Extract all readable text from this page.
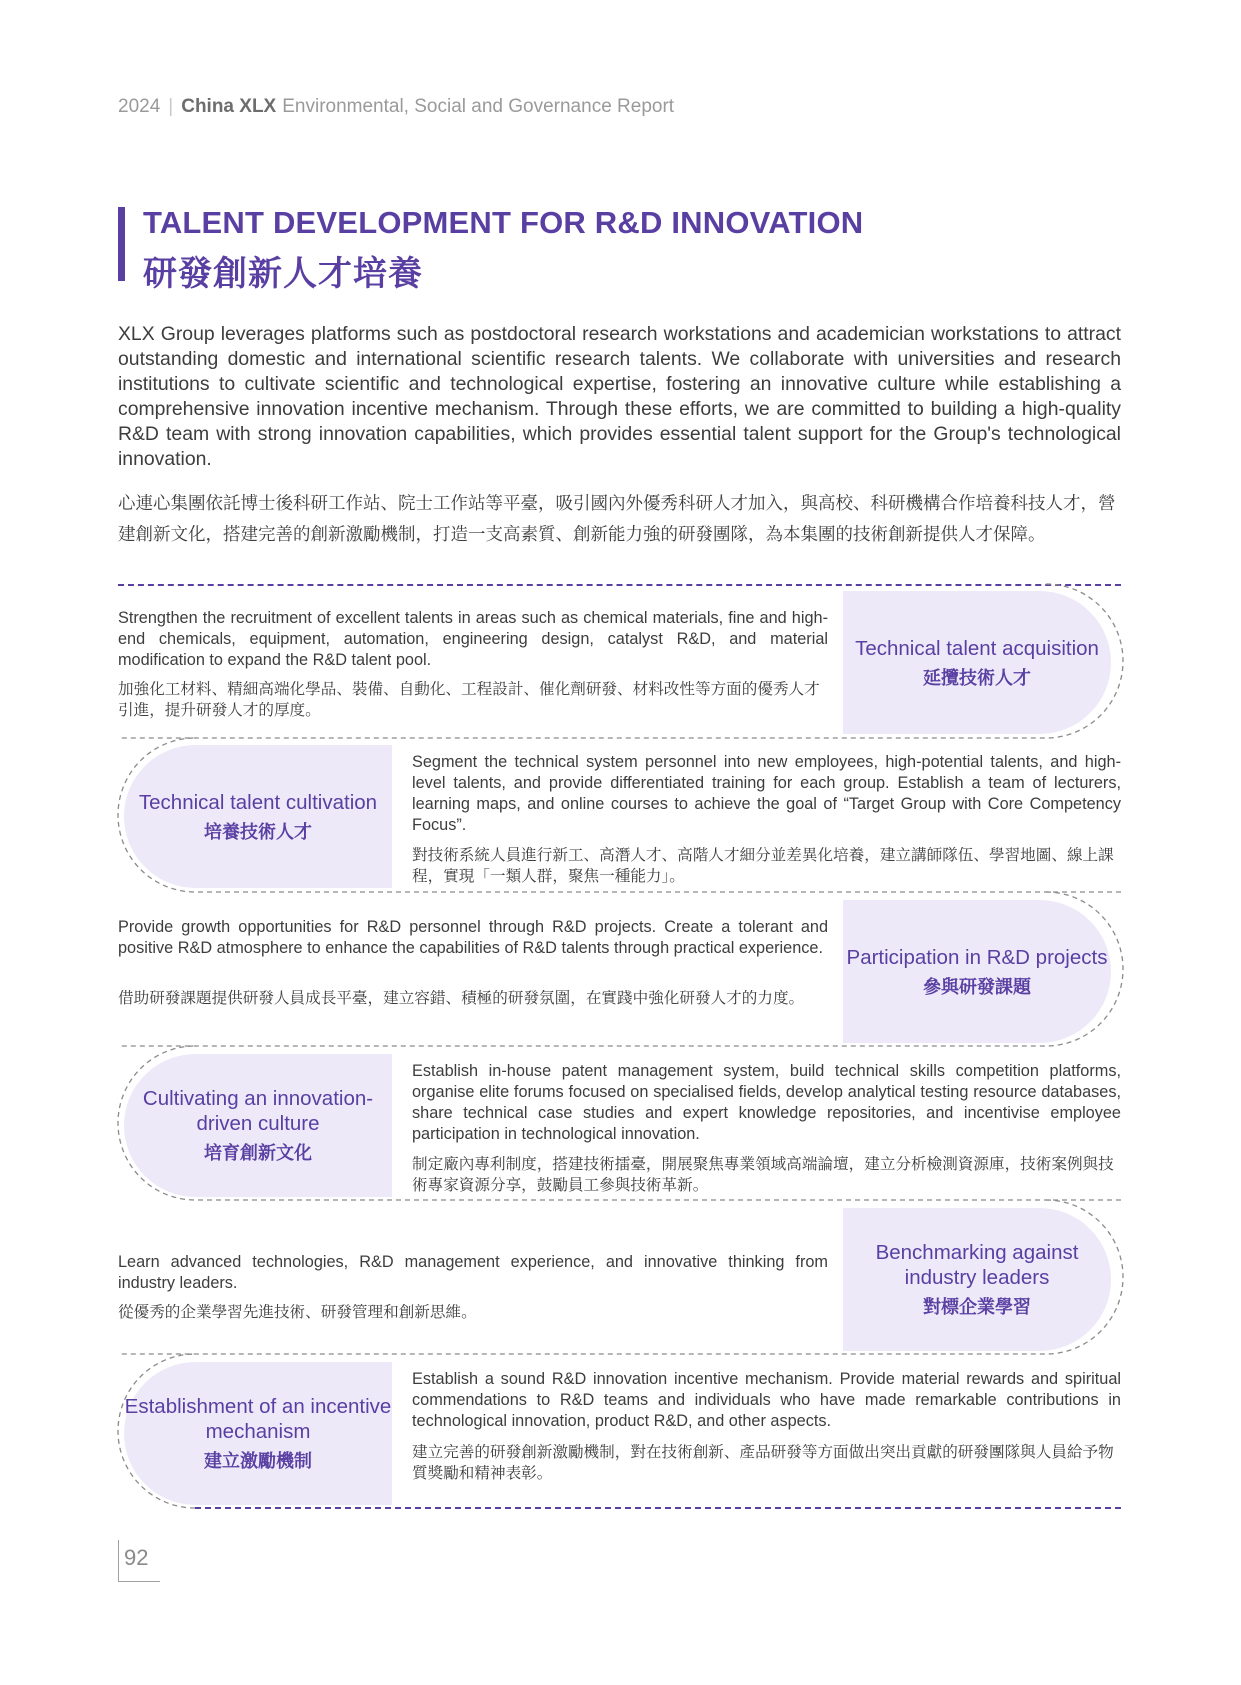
2024 | China XLX Environmental, Social and Governance Report
TALENT DEVELOPMENT FOR R&D INNOVATION
研發創新人才培養
XLX Group leverages platforms such as postdoctoral research workstations and academician workstations to attract outstanding domestic and international scientific research talents. We collaborate with universities and research institutions to cultivate scientific and technological expertise, fostering an innovative culture while establishing a comprehensive innovation incentive mechanism. Through these efforts, we are committed to building a high-quality R&D team with strong innovation capabilities, which provides essential talent support for the Group's technological innovation.
心連心集團依託博士後科研工作站、院士工作站等平臺，吸引國內外優秀科研人才加入，與高校、科研機構合作培養科技人才，營建創新文化，搭建完善的創新激勵機制，打造一支高素質、創新能力強的研發團隊，為本集團的技術創新提供人才保障。
Strengthen the recruitment of excellent talents in areas such as chemical materials, fine and high-end chemicals, equipment, automation, engineering design, catalyst R&D, and material modification to expand the R&D talent pool.
加強化工材料、精細高端化學品、裝備、自動化、工程設計、催化劑研發、材料改性等方面的優秀人才引進，提升研發人才的厚度。
Technical talent acquisition
延攬技術人才
Technical talent cultivation
培養技術人才
Segment the technical system personnel into new employees, high-potential talents, and high-level talents, and provide differentiated training for each group. Establish a team of lecturers, learning maps, and online courses to achieve the goal of “Target Group with Core Competency Focus”.
對技術系統人員進行新工、高潛人才、高階人才細分並差異化培養，建立講師隊伍、學習地圖、線上課程，實現「一類人群，聚焦一種能力」。
Provide growth opportunities for R&D personnel through R&D projects. Create a tolerant and positive R&D atmosphere to enhance the capabilities of R&D talents through practical experience.
借助研發課題提供研發人員成長平臺，建立容錯、積極的研發氛圍，在實踐中強化研發人才的力度。
Participation in R&D projects
參與研發課題
Cultivating an innovation-driven culture
培育創新文化
Establish in-house patent management system, build technical skills competition platforms, organise elite forums focused on specialised fields, develop analytical testing resource databases, share technical case studies and expert knowledge repositories, and incentivise employee participation in technological innovation.
制定廠內專利制度，搭建技術擂臺，開展聚焦專業領域高端論壇，建立分析檢測資源庫，技術案例與技術專家資源分享，鼓勵員工參與技術革新。
Learn advanced technologies, R&D management experience, and innovative thinking from industry leaders.
從優秀的企業學習先進技術、研發管理和創新思維。
Benchmarking against industry leaders
對標企業學習
Establishment of an incentive mechanism
建立激勵機制
Establish a sound R&D innovation incentive mechanism. Provide material rewards and spiritual commendations to R&D teams and individuals who have made remarkable contributions in technological innovation, product R&D, and other aspects.
建立完善的研發創新激勵機制，對在技術創新、產品研發等方面做出突出貢獻的研發團隊與人員給予物質獎勵和精神表彰。
92
